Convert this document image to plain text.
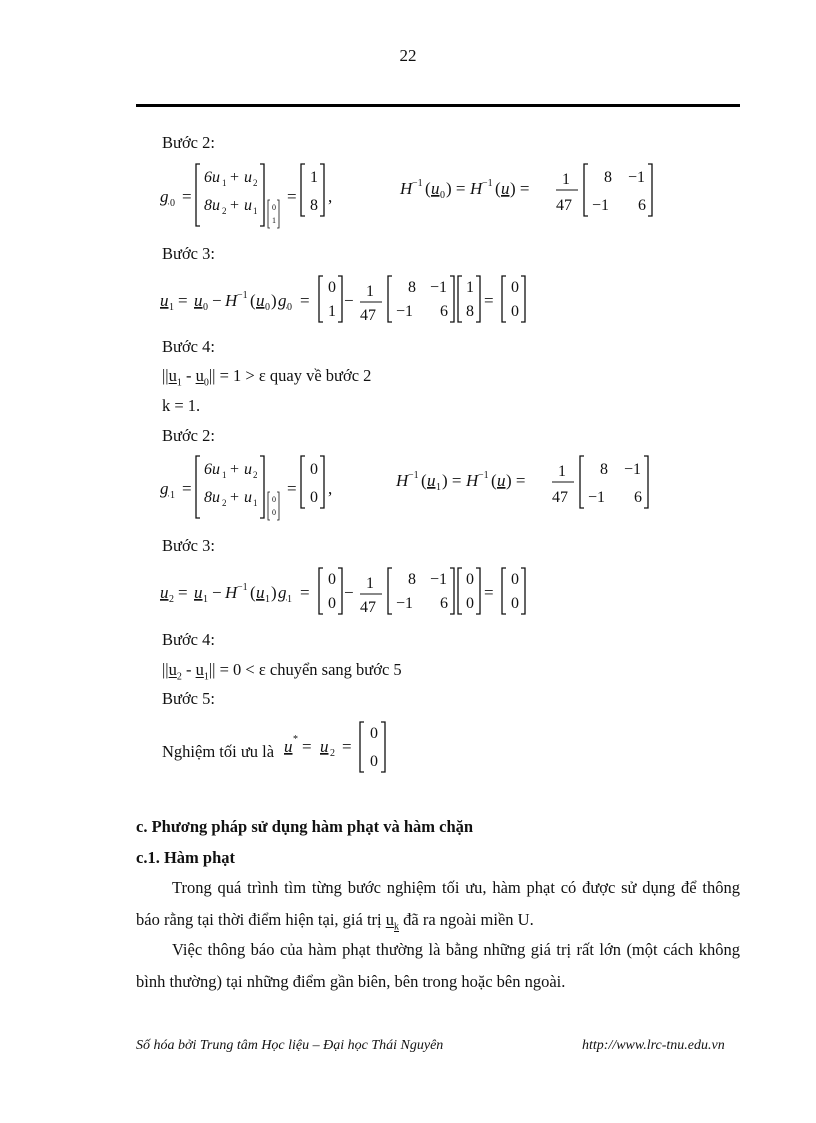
22
Bước 2:
g 0 =
6u 1 + u 2
8u 2 + u 1 0
1
=
1
8 ,	H −1 ( u 0 ) = H −1 ( u ) = 1
47
8 −1
−1 6
Bước 3:
u 1 = u 0 − H −1 ( u 0 ) g 0 =
0
1
− 1
47
8 −1
−1 6
1
8
=
0
0
Bước 4:
$||u_1 - u_0|| = 1 > \varepsilon$ quay về bước 2
k = 1.
Bước 2:
g 1 =
6u 1 + u 2
8u 2 + u 1 0
0
=
0
0 ,	H −1 ( u 1 ) = H −1 ( u ) = 1
47
8 −1
−1 6
Bước 3:
u 2 = u 1 − H −1 ( u 1 ) g 1 =
0
0
− 1
47
8 −1
−1 6
0
0
=
0
0
Bước 4:
$||u_2 - u_1|| = 0 < \varepsilon$ chuyển sang bước 5
Bước 5:
Nghiệm tối ưu là u * = u 2 =
0
0
c. Phương pháp sử dụng hàm phạt và hàm chặn
c.1. Hàm phạt
Trong quá trình tìm từng bước nghiệm tối ưu, hàm phạt có được sử dụng để thông báo rằng tại thời điểm hiện tại, giá trị $u_k$ đã ra ngoài miền U.
Việc thông báo của hàm phạt thường là bằng những giá trị rất lớn (một cách không bình thường) tại những điểm gần biên, bên trong hoặc bên ngoài.
Số hóa bởi Trung tâm Học liệu – Đại học Thái Nguyên	http://www.lrc-tnu.edu.vn
